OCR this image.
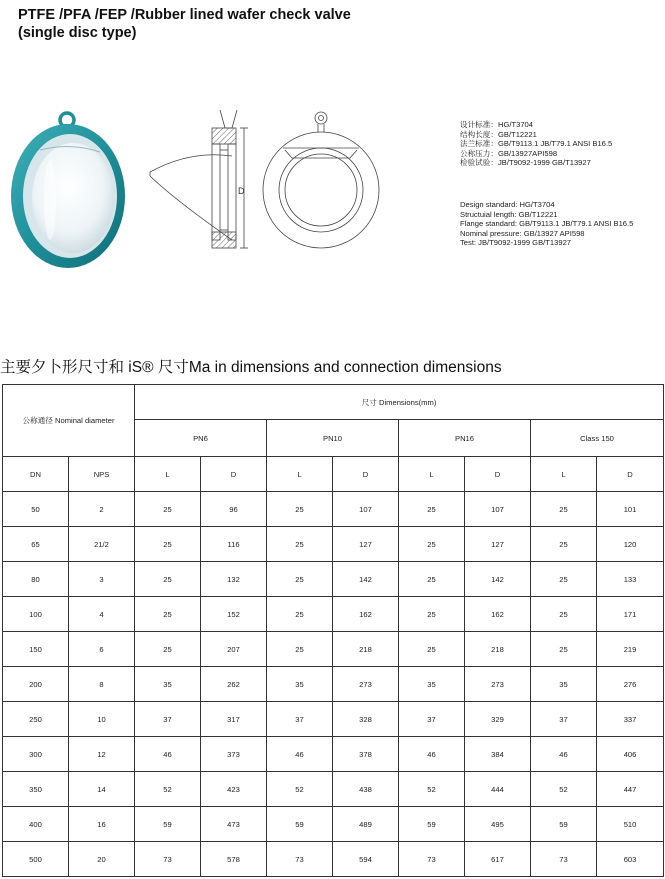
PTFE /PFA /FEP /Rubber lined wafer check valve
(single disc type)
D
设计标准：HG/T3704
结构长度：GB/T12221
法兰标准：GB/T9113.1 JB/T79.1 ANSI B16.5
公称压力：GB/13927API598
检验试验：JB/T9092-1999 GB/T13927
Design standard: HG/T3704
Structuial length: GB/T12221
Flange standard: GB/T9113.1 JB/T79.1 ANSI B16.5
Nominal pressure: GB/13927 API598
Test: JB/T9092-1999 GB/T13927
主要夕卜形尺寸和 iS® 尺寸Ma in dimensions and connection dimensions
公称通径 Nominal diameter		尺寸 Dimensions(mm)							
		PN6		PN10		PN16		Class 150	
DN	NPS	L	D	L	D	L	D	L	D
50	2	25	96	25	107	25	107	25	101
65	21/2	25	116	25	127	25	127	25	120
80	3	25	132	25	142	25	142	25	133
100	4	25	152	25	162	25	162	25	171
150	6	25	207	25	218	25	218	25	219
200	8	35	262	35	273	35	273	35	276
250	10	37	317	37	328	37	329	37	337
300	12	46	373	46	378	46	384	46	406
350	14	52	423	52	438	52	444	52	447
400	16	59	473	59	489	59	495	59	510
500	20	73	578	73	594	73	617	73	603
